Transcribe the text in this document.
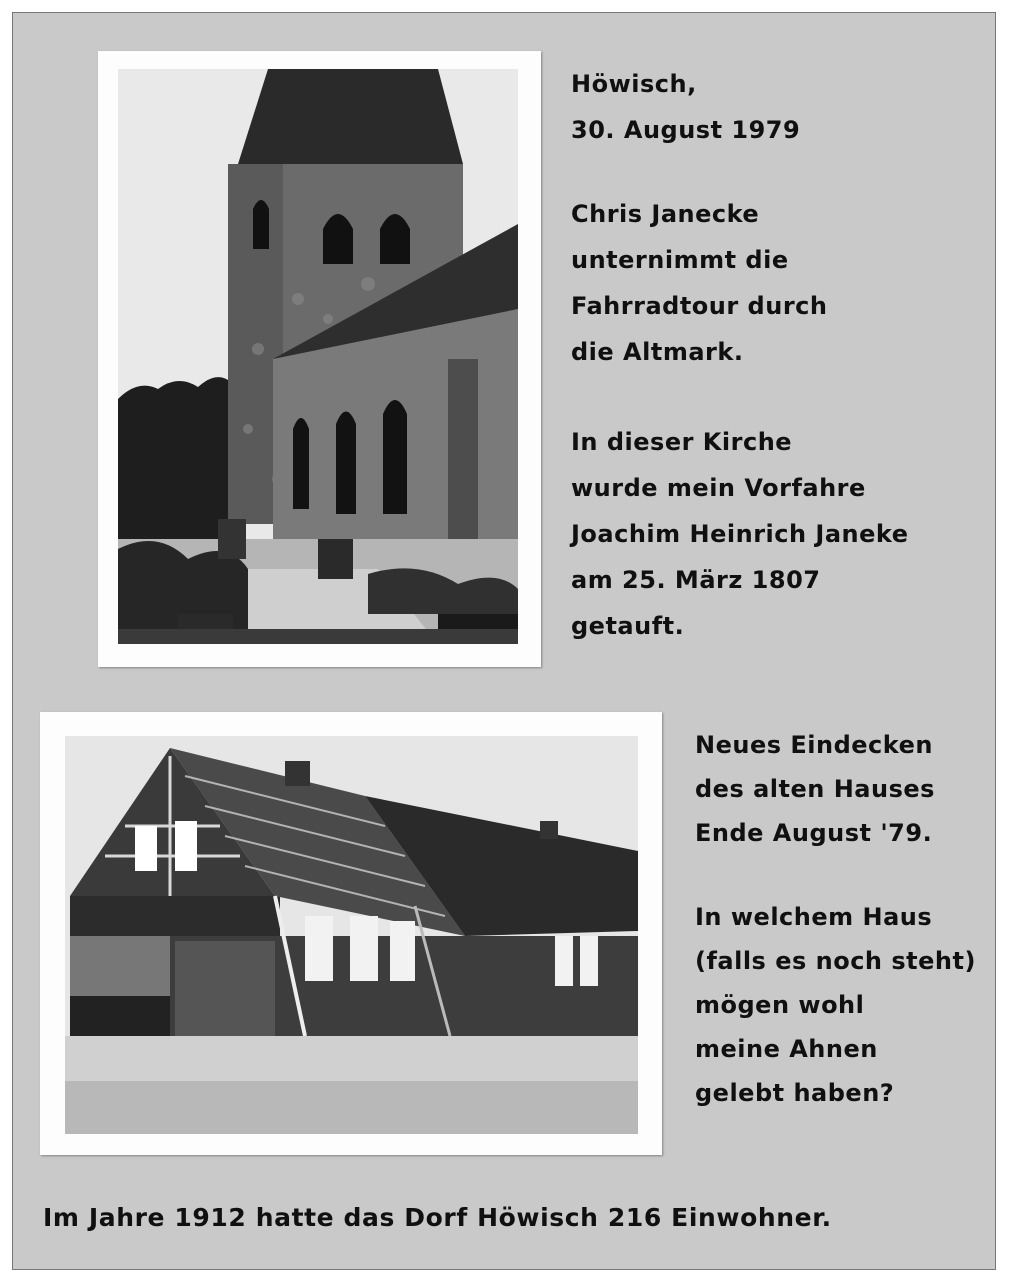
Höwisch,
30. August 1979
Chris Janecke
unternimmt die
Fahrradtour durch
die Altmark.
In dieser Kirche
wurde mein Vorfahre
Joachim Heinrich Janeke
am 25. März 1807
getauft.
Neues Eindecken
des alten Hauses
Ende August '79.
In welchem Haus
(falls es noch steht)
mögen wohl
meine Ahnen
gelebt haben?
Im Jahre 1912 hatte das Dorf Höwisch 216 Einwohner.
